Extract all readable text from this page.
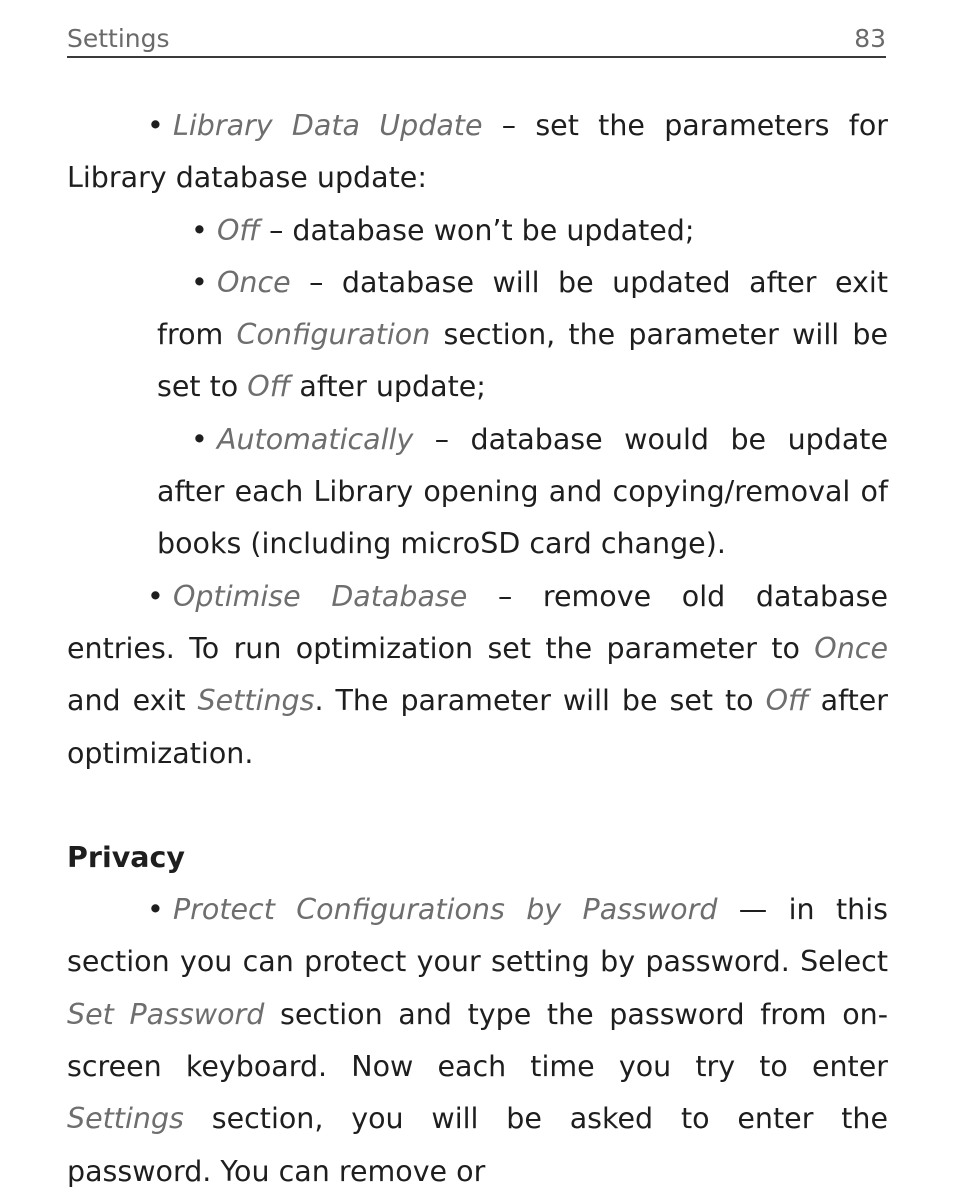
Settings	83

• Library Data Update – set the parameters for Library database update:

• Off – database won’t be updated;

• Once – database will be updated after exit from Configuration section, the parameter will be set to Off after update;

• Automatically – database would be update after each Library opening and copying/removal of books (including microSD card change).

• Optimise Database – remove old database entries. To run optimization set the parameter to Once and exit Settings. The parameter will be set to Off after optimization.

Privacy

• Protect Configurations by Password — in this section you can protect your setting by password. Select Set Password section and type the password from on-screen keyboard. Now each time you try to enter Settings section, you will be asked to enter the password. You can remove or
